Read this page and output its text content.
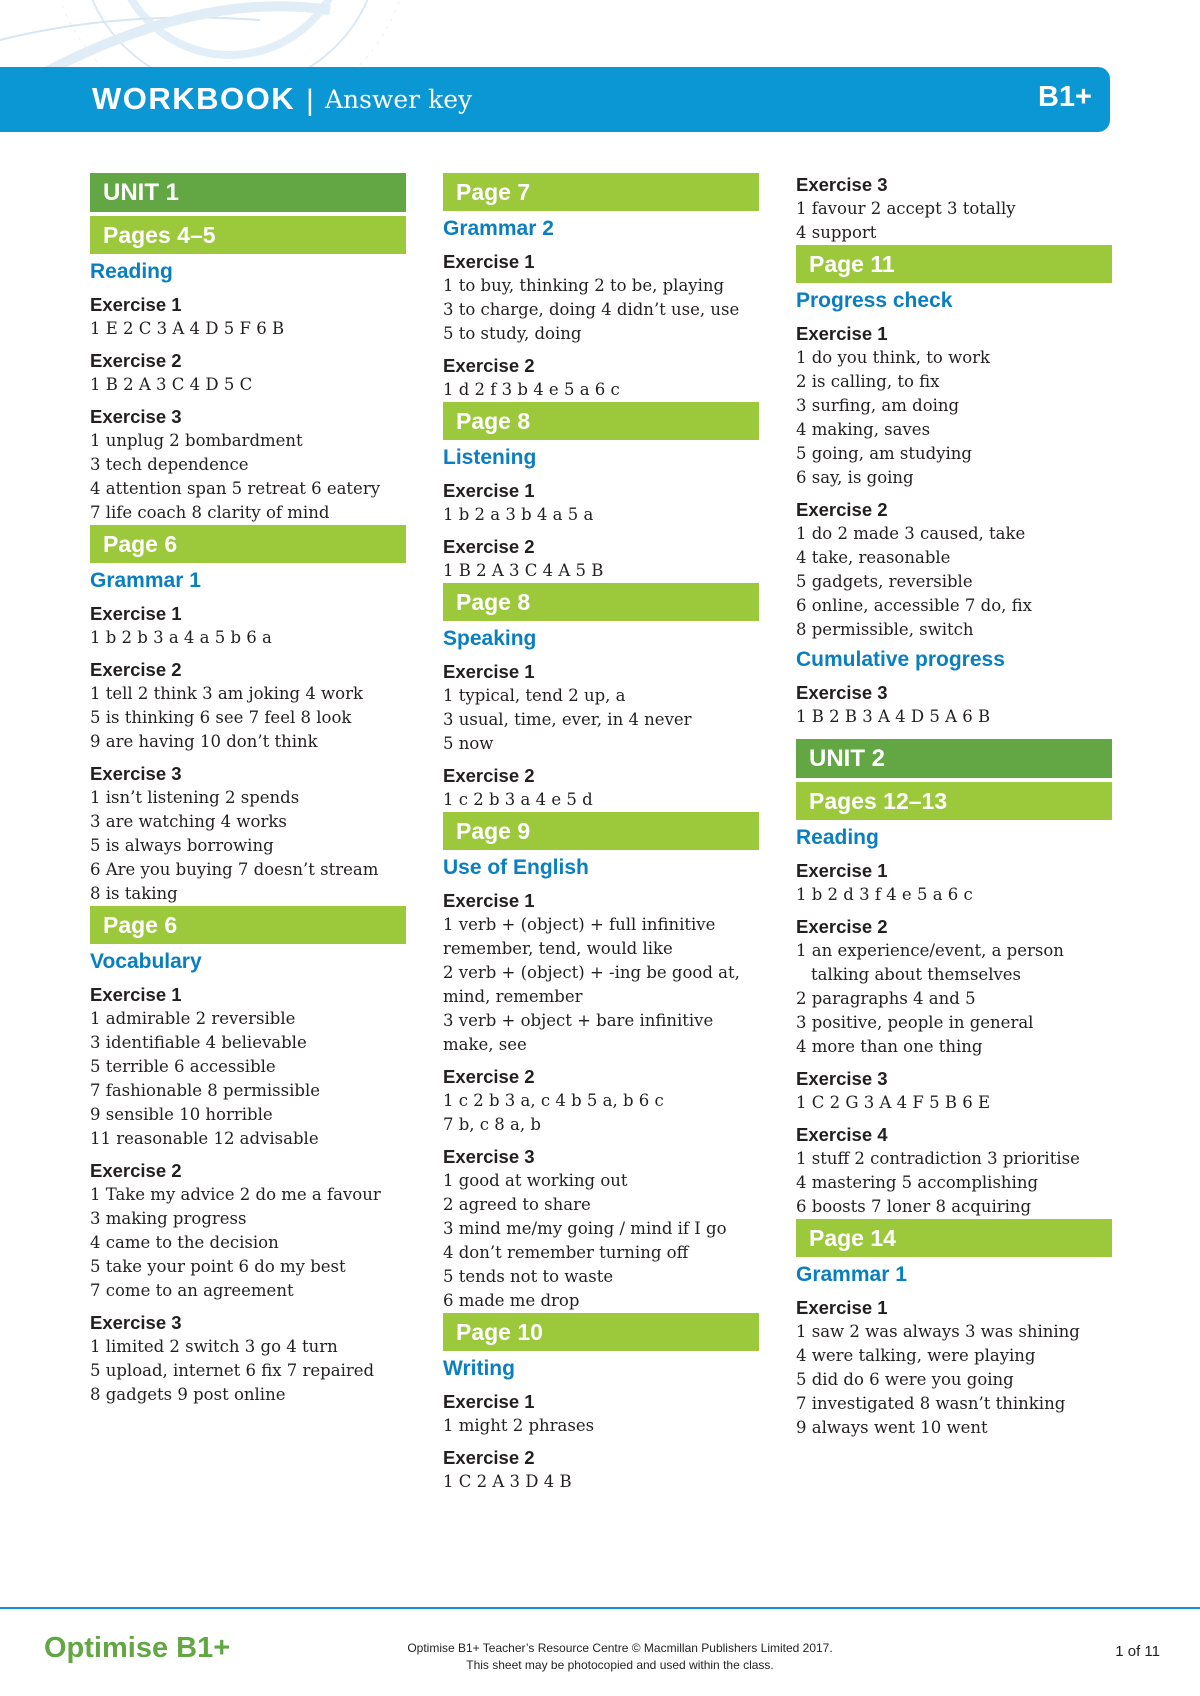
WORKBOOK | Answer key	B1+
UNIT 1
Pages 4–5
Reading
Exercise 1
1 E 2 C 3 A 4 D 5 F 6 B
Exercise 2
1 B 2 A 3 C 4 D 5 C
Exercise 3
1 unplug 2 bombardment
3 tech dependence
4 attention span 5 retreat 6 eatery
7 life coach 8 clarity of mind
Page 6
Grammar 1
Exercise 1
1 b 2 b 3 a 4 a 5 b 6 a
Exercise 2
1 tell 2 think 3 am joking 4 work
5 is thinking 6 see 7 feel 8 look
9 are having 10 don’t think
Exercise 3
1 isn’t listening 2 spends
3 are watching 4 works
5 is always borrowing
6 Are you buying 7 doesn’t stream
8 is taking
Page 6
Vocabulary
Exercise 1
1 admirable 2 reversible
3 identifiable 4 believable
5 terrible 6 accessible
7 fashionable 8 permissible
9 sensible 10 horrible
11 reasonable 12 advisable
Exercise 2
1 Take my advice 2 do me a favour
3 making progress
4 came to the decision
5 take your point 6 do my best
7 come to an agreement
Exercise 3
1 limited 2 switch 3 go 4 turn
5 upload, internet 6 fix 7 repaired
8 gadgets 9 post online
Page 7
Grammar 2
Exercise 1
1 to buy, thinking 2 to be, playing
3 to charge, doing 4 didn’t use, use
5 to study, doing
Exercise 2
1 d 2 f 3 b 4 e 5 a 6 c
Page 8
Listening
Exercise 1
1 b 2 a 3 b 4 a 5 a
Exercise 2
1 B 2 A 3 C 4 A 5 B
Page 8
Speaking
Exercise 1
1 typical, tend 2 up, a
3 usual, time, ever, in 4 never
5 now
Exercise 2
1 c 2 b 3 a 4 e 5 d
Page 9
Use of English
Exercise 1
1 verb + (object) + full infinitive
remember, tend, would like
2 verb + (object) + -ing be good at,
mind, remember
3 verb + object + bare infinitive
make, see
Exercise 2
1 c 2 b 3 a, c 4 b 5 a, b 6 c
7 b, c 8 a, b
Exercise 3
1 good at working out
2 agreed to share
3 mind me/my going / mind if I go
4 don’t remember turning off
5 tends not to waste
6 made me drop
Page 10
Writing
Exercise 1
1 might 2 phrases
Exercise 2
1 C 2 A 3 D 4 B
Exercise 3
1 favour 2 accept 3 totally
4 support
Page 11
Progress check
Exercise 1
1 do you think, to work
2 is calling, to fix
3 surfing, am doing
4 making, saves
5 going, am studying
6 say, is going
Exercise 2
1 do 2 made 3 caused, take
4 take, reasonable
5 gadgets, reversible
6 online, accessible 7 do, fix
8 permissible, switch
Cumulative progress
Exercise 3
1 B 2 B 3 A 4 D 5 A 6 B
UNIT 2
Pages 12–13
Reading
Exercise 1
1 b 2 d 3 f 4 e 5 a 6 c
Exercise 2
1 an experience/event, a person
talking about themselves
2 paragraphs 4 and 5
3 positive, people in general
4 more than one thing
Exercise 3
1 C 2 G 3 A 4 F 5 B 6 E
Exercise 4
1 stuff 2 contradiction 3 prioritise
4 mastering 5 accomplishing
6 boosts 7 loner 8 acquiring
Page 14
Grammar 1
Exercise 1
1 saw 2 was always 3 was shining
4 were talking, were playing
5 did do 6 were you going
7 investigated 8 wasn’t thinking
9 always went 10 went
Optimise B1+	Optimise B1+ Teacher’s Resource Centre © Macmillan Publishers Limited 2017.
This sheet may be photocopied and used within the class.
1 of 11
